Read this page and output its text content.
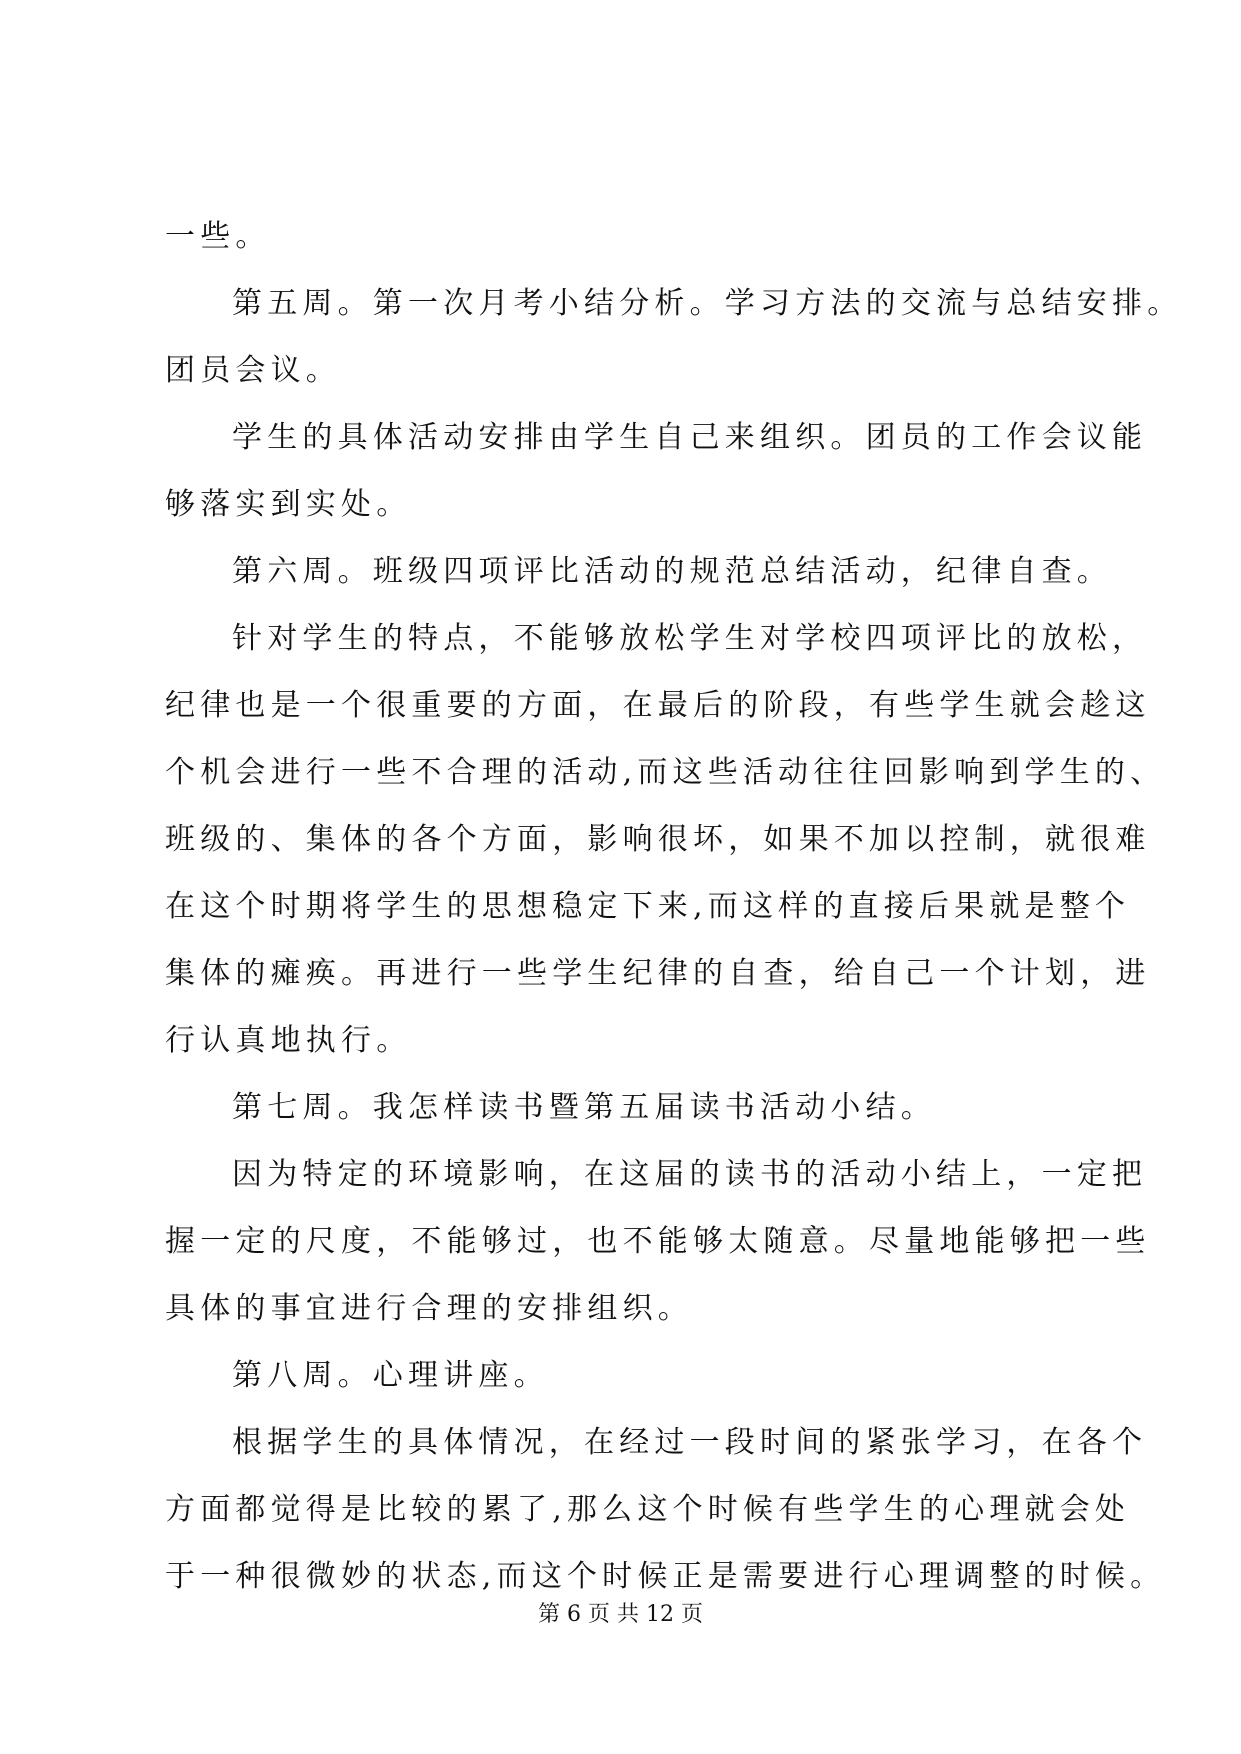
一些。
第五周。第一次月考小结分析。学习方法的交流与总结安排。
团员会议。
学生的具体活动安排由学生自己来组织。团员的工作会议能
够落实到实处。
第六周。班级四项评比活动的规范总结活动，纪律自查。
针对学生的特点，不能够放松学生对学校四项评比的放松，
纪律也是一个很重要的方面，在最后的阶段，有些学生就会趁这
个机会进行一些不合理的活动,而这些活动往往回影响到学生的、
班级的、集体的各个方面，影响很坏，如果不加以控制，就很难
在这个时期将学生的思想稳定下来,而这样的直接后果就是整个
集体的瘫痪。再进行一些学生纪律的自查，给自己一个计划，进
行认真地执行。
第七周。我怎样读书暨第五届读书活动小结。
因为特定的环境影响，在这届的读书的活动小结上，一定把
握一定的尺度，不能够过，也不能够太随意。尽量地能够把一些
具体的事宜进行合理的安排组织。
第八周。心理讲座。
根据学生的具体情况，在经过一段时间的紧张学习，在各个
方面都觉得是比较的累了,那么这个时候有些学生的心理就会处
于一种很微妙的状态,而这个时候正是需要进行心理调整的时候。
第 6 页 共 12 页
